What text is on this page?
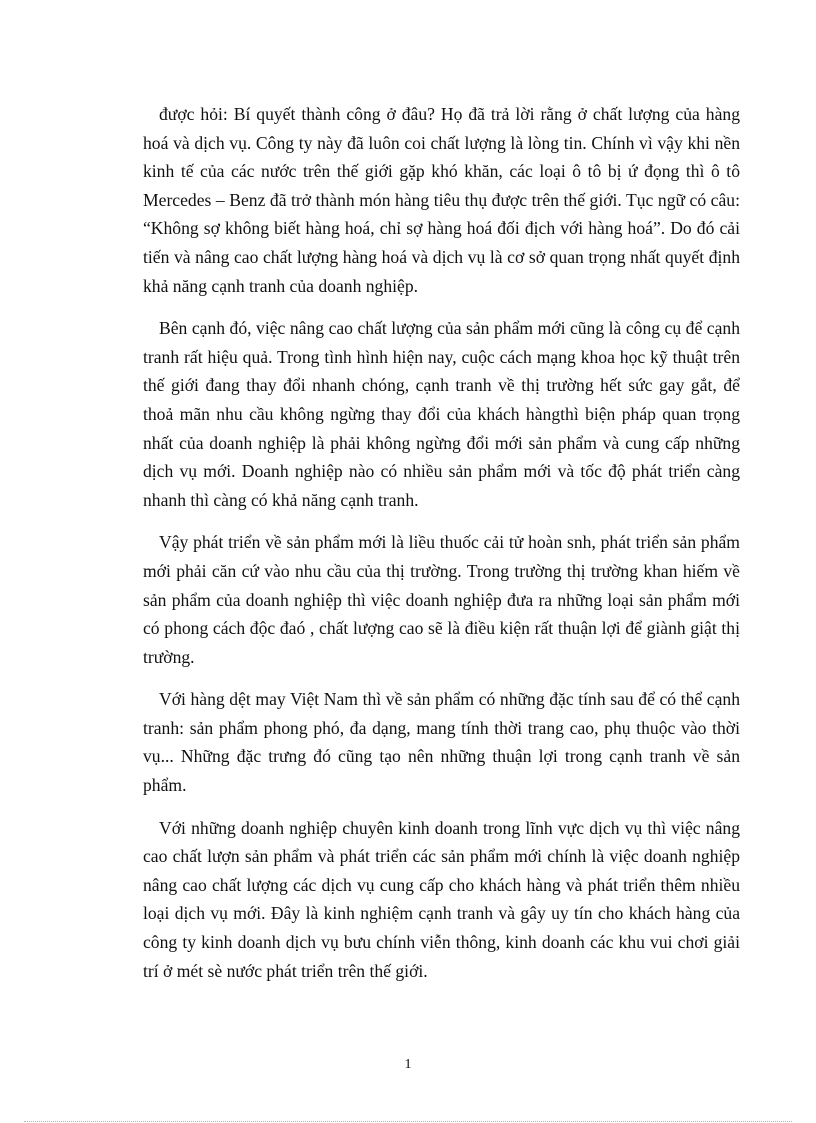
được hỏi: Bí quyết thành công ở đâu? Họ đã trả lời rằng ở chất lượng của hàng hoá và dịch vụ. Công ty này đã luôn coi chất lượng là lòng tin. Chính vì vậy khi nền kinh tế của các nước trên thế giới gặp khó khăn, các loại ô tô bị ứ đọng thì ô tô Mercedes – Benz đã trở thành món hàng tiêu thụ được trên thế giới. Tục ngữ có câu: “Không sợ không biết hàng hoá, chỉ sợ hàng hoá đối địch với hàng hoá”. Do đó cải tiến và nâng cao chất lượng hàng hoá và dịch vụ là cơ sở quan trọng nhất quyết định khả năng cạnh tranh của doanh nghiệp.

Bên cạnh đó, việc nâng cao chất lượng của sản phẩm mới cũng là công cụ để cạnh tranh rất hiệu quả. Trong tình hình hiện nay, cuộc cách mạng khoa học kỹ thuật trên thế giới đang thay đổi nhanh chóng, cạnh tranh về thị trường hết sức gay gắt, để thoả mãn nhu cầu không ngừng thay đổi của khách hàngthì biện pháp quan trọng nhất của doanh nghiệp là phải không ngừng đổi mới sản phẩm và cung cấp những dịch vụ mới. Doanh nghiệp nào có nhiều sản phẩm mới và tốc độ phát triển càng nhanh thì càng có khả năng cạnh tranh.

Vậy phát triển về sản phẩm mới là liều thuốc cải tử hoàn snh, phát triển sản phẩm mới phải căn cứ vào nhu cầu của thị trường. Trong trường thị trường khan hiếm về sản phẩm của doanh nghiệp thì việc doanh nghiệp đưa ra những loại sản phẩm mới có phong cách độc đaó , chất lượng cao sẽ là điều kiện rất thuận lợi để giành giật thị trường.

Với hàng dệt may Việt Nam thì về sản phẩm có những đặc tính sau để có thể cạnh tranh: sản phẩm phong phó, đa dạng, mang tính thời trang cao, phụ thuộc vào thời vụ... Những đặc trưng đó cũng tạo nên những thuận lợi trong cạnh tranh về sản phẩm.

Với những doanh nghiệp chuyên kinh doanh trong lĩnh vực dịch vụ thì việc nâng cao chất lượn sản phẩm và phát triển các sản phẩm mới chính là việc doanh nghiệp nâng cao chất lượng các dịch vụ cung cấp cho khách hàng và phát triển thêm nhiều loại dịch vụ mới. Đây là kinh nghiệm cạnh tranh và gây uy tín cho khách hàng của công ty kinh doanh dịch vụ bưu chính viễn thông, kinh doanh các khu vui chơi giải trí ở mét sè nước phát triển trên thế giới.

1
